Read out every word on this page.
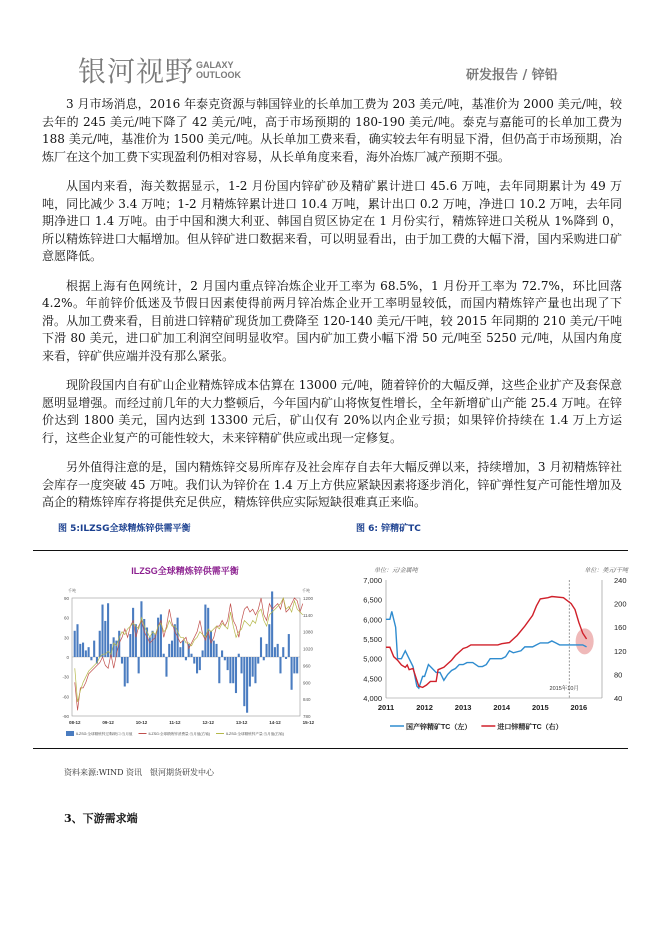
银河视野 GALAXY
OUTLOOK	研发报告 / 锌铅

3 月市场消息，2016 年泰克资源与韩国锌业的长单加工费为 203 美元/吨，基准价为 2000 美元/吨，较去年的 245 美元/吨下降了 42 美元/吨，高于市场预期的 180-190 美元/吨。泰克与嘉能可的长单加工费为 188 美元/吨，基准价为 1500 美元/吨。从长单加工费来看，确实较去年有明显下滑，但仍高于市场预期，冶炼厂在这个加工费下实现盈利仍相对容易，从长单角度来看，海外冶炼厂减产预期不强。

从国内来看，海关数据显示，1-2 月份国内锌矿砂及精矿累计进口 45.6 万吨，去年同期累计为 49 万吨，同比减少 3.4 万吨；1-2 月精炼锌累计进口 10.4 万吨，累计出口 0.2 万吨，净进口 10.2 万吨，去年同期净进口 1.4 万吨。由于中国和澳大利亚、韩国自贸区协定在 1 月份实行，精炼锌进口关税从 1%降到 0，所以精炼锌进口大幅增加。但从锌矿进口数据来看，可以明显看出，由于加工费的大幅下滑，国内采购进口矿意愿降低。

根据上海有色网统计，2 月国内重点锌冶炼企业开工率为 68.5%，1 月份开工率为 72.7%，环比回落 4.2%。年前锌价低迷及节假日因素使得前两月锌冶炼企业开工率明显较低，而国内精炼锌产量也出现了下滑。从加工费来看，目前进口锌精矿现货加工费降至 120-140 美元/干吨，较 2015 年同期的 210 美元/干吨下滑 80 美元，进口矿加工利润空间明显收窄。国内矿加工费小幅下滑 50 元/吨至 5250 元/吨，从国内角度来看，锌矿供应端并没有那么紧张。

现阶段国内自有矿山企业精炼锌成本估算在 13000 元/吨，随着锌价的大幅反弹，这些企业扩产及套保意愿明显增强。而经过前几年的大力整顿后，今年国内矿山将恢复性增长，全年新增矿山产能 25.4 万吨。在锌价达到 1800 美元，国内达到 13300 元后，矿山仅有 20%以内企业亏损；如果锌价持续在 1.4 万上方运行，这些企业复产的可能性较大，未来锌精矿供应或出现一定修复。

另外值得注意的是，国内精炼锌交易所库存及社会库存自去年大幅反弹以来，持续增加，3 月初精炼锌社会库存一度突破 45 万吨。我们认为锌价在 1.4 万上方供应紧缺因素将逐步消化，锌矿弹性复产可能性增加及高企的精炼锌库存将提供充足供应，精炼锌供应实际短缺很难真正来临。

图 5:ILZSG全球精炼锌供需平衡	图 6: 锌精矿TC
ILZSG全球精炼锌供需平衡
千吨	千吨
-90
-60
-30
0
30
60
90
780
840
900
960
1020
1080
1140
1200
08-12	09-12	10-12	11-12	12-12	13-12	14-12	15-12
ILZSG:全球精炼锌过剩/缺口:当月值	ILZSG:全球精炼锌消费量:当月值(右轴)	ILZSG:全球精炼锌产量:当月值(右轴)
单位：元/金属吨	单位：美元/干吨
4,000
4,500
5,000
5,500
6,000
6,500
7,000
40
80
120
160
200
240
2011	2012	2013	2014	2015	2016
2015年10月
国产锌精矿TC（左）	进口锌精矿TC（右）
资料来源:WIND 资讯　银河期货研发中心
3、下游需求端
